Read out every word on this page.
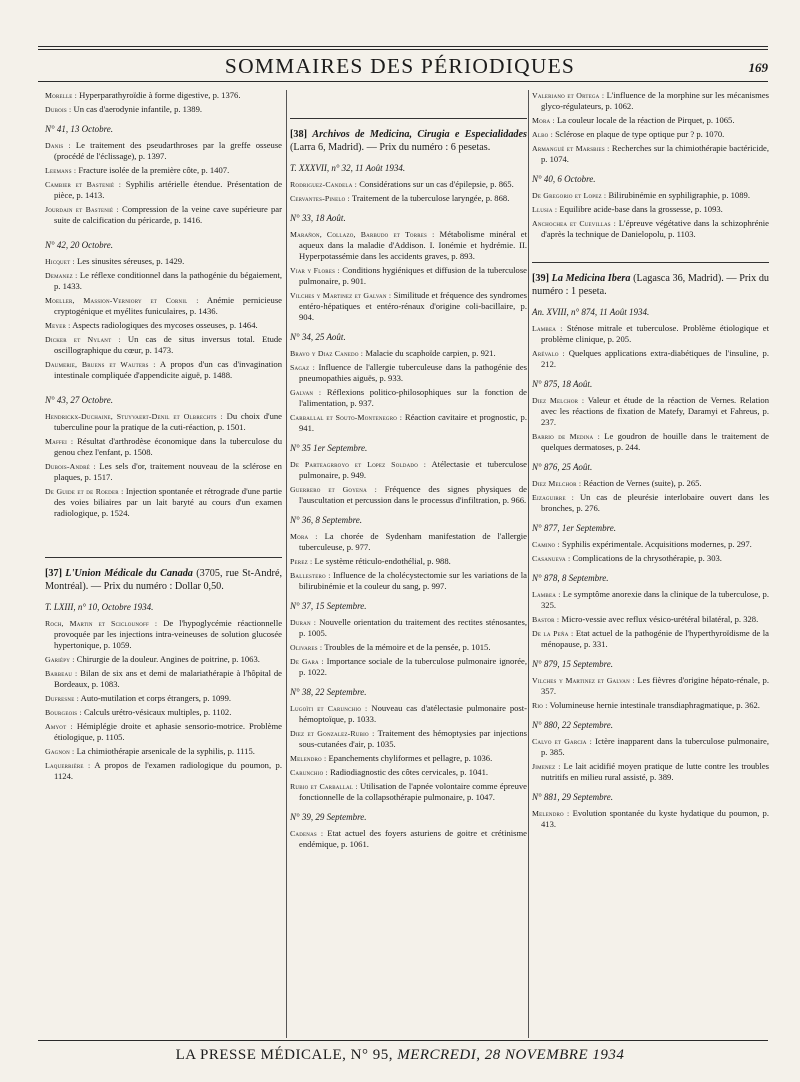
SOMMAIRES DES PÉRIODIQUES	169

Morelle : Hyperparathyroïdie à forme digestive, p. 1376.

Dubois : Un cas d'aerodynie infantile, p. 1389.

N° 41, 13 Octobre.

Danis : Le traitement des pseudarthroses par la greffe osseuse (procédé de l'éclissage), p. 1397.

Leemans : Fracture isolée de la première côte, p. 1407.

Cambier et Bastenié : Syphilis artérielle étendue. Présentation de pièce, p. 1413.

Jourdain et Bastenié : Compression de la veine cave supérieure par suite de calcification du péricarde, p. 1416.

N° 42, 20 Octobre.

Hicquet : Les sinusites séreuses, p. 1429.

Demanez : Le réflexe conditionnel dans la pathogénie du bégaiement, p. 1433.

Moeller, Massion-Verniory et Cornil : Anémie pernicieuse cryptogénique et myélites funiculaires, p. 1436.

Meyer : Aspects radiologiques des mycoses osseuses, p. 1464.

Dicker et Nylant : Un cas de situs inversus total. Etude oscillographique du cœur, p. 1473.

Daumerie, Bruens et Wauters : A propos d'un cas d'invagination intestinale compliquée d'appendicite aiguë, p. 1488.

N° 43, 27 Octobre.

Hendrickx-Duchaine, Stuyvaert-Denil et Olbrechts : Du choix d'une tuberculine pour la pratique de la cuti-réaction, p. 1501.

Maffei : Résultat d'arthrodèse économique dans la tuberculose du genou chez l'enfant, p. 1508.

Dubois-André : Les sels d'or, traitement nouveau de la sclérose en plaques, p. 1517.

De Guide et de Roeder : Injection spontanée et rétrograde d'une partie des voies biliaires par un lait baryté au cours d'un examen radiologique, p. 1524.

[37] L'Union Médicale du Canada (3705, rue St-André, Montréal). — Prix du numéro : Dollar 0,50.
T. LXIII, n° 10, Octobre 1934.

Roch, Martin et Sciclounoff : De l'hypoglycémie réactionnelle provoquée par les injections intra-veineuses de solution glucosée hypertonique, p. 1059.

Gariépy : Chirurgie de la douleur. Angines de poitrine, p. 1063.

Barbeau : Bilan de six ans et demi de malariathérapie à l'hôpital de Bordeaux, p. 1083.

Dufresne : Auto-mutilation et corps étrangers, p. 1099.

Bourgeois : Calculs urétro-vésicaux multiples, p. 1102.

Amyot : Hémiplégie droite et aphasie sensorio-motrice. Problème étiologique, p. 1105.

Gagnon : La chimiothérapie arsenicale de la syphilis, p. 1115.

Laquerrière : A propos de l'examen radiologique du poumon, p. 1124.

[38] Archivos de Medicina, Cirugia e Especialidades (Larra 6, Madrid). — Prix du numéro : 6 pesetas.
T. XXXVII, n° 32, 11 Août 1934.

Rodriguez-Candela : Considérations sur un cas d'épilepsie, p. 865.

Cervantes-Pinelo : Traitement de la tuberculose laryngée, p. 868.

N° 33, 18 Août.

Marañon, Collazo, Barbudo et Torres : Métabolisme minéral et aqueux dans la maladie d'Addison. I. Ionémie et hydrémie. II. Hyperpotassémie dans les accidents graves, p. 893.

Viar y Flores : Conditions hygiéniques et diffusion de la tuberculose pulmonaire, p. 901.

Vilches y Martinez et Galvan : Similitude et fréquence des syndromes entéro-hépatiques et entéro-rénaux d'origine coli-bacillaire, p. 904.

N° 34, 25 Août.

Bravo y Diaz Canedo : Malacie du scaphoïde carpien, p. 921.

Sagaz : Influence de l'allergie tuberculeuse dans la pathogénie des pneumopathies aiguës, p. 933.

Galvan : Réflexions politico-philosophiques sur la fonction de l'alimentation, p. 937.

Carballal et Souto-Montenegro : Réaction cavitaire et prognostic, p. 941.

N° 35 1er Septembre.

De Parteagrroyo et Lopez Soldado : Atélectasie et tuberculose pulmonaire, p. 949.

Guerrero et Goyena : Fréquence des signes physiques de l'auscultation et percussion dans le processus d'infiltration, p. 966.

N° 36, 8 Septembre.

Mora : La chorée de Sydenham manifestation de l'allergie tuberculeuse, p. 977.

Perez : Le système réticulo-endothélial, p. 988.

Ballestero : Influence de la cholécystectomie sur les variations de la bilirubinémie et la couleur du sang, p. 997.

N° 37, 15 Septembre.

Duran : Nouvelle orientation du traitement des rectites sténosantes, p. 1005.

Olivares : Troubles de la mémoire et de la pensée, p. 1015.

De Gara : Importance sociale de la tuberculose pulmonaire ignorée, p. 1022.

N° 38, 22 Septembre.

Lugoïti et Carunchio : Nouveau cas d'atélectasie pulmonaire post-hémoptoïque, p. 1033.

Diez et Gonzalez-Rubio : Traitement des hémoptysies par injections sous-cutanées d'air, p. 1035.

Melendro : Epanchements chyliformes et pellagre, p. 1036.

Carunchio : Radiodiagnostic des côtes cervicales, p. 1041.

Rubio et Carballal : Utilisation de l'apnée volontaire comme épreuve fonctionnelle de la collapsothérapie pulmonaire, p. 1047.

N° 39, 29 Septembre.

Cadenas : Etat actuel des foyers asturiens de goitre et crétinisme endémique, p. 1061.

Valeriano et Ortega : L'influence de la morphine sur les mécanismes glyco-régulateurs, p. 1062.

Mora : La couleur locale de la réaction de Pirquet, p. 1065.

Albo : Sclérose en plaque de type optique pur ? p. 1070.

Armangué et Marsbies : Recherches sur la chimiothérapie bactéricide, p. 1074.

N° 40, 6 Octobre.

De Gregorio et Lopez : Bilirubinémie en syphiligraphie, p. 1089.

Llusia : Equilibre acide-base dans la grossesse, p. 1093.

Anchochea et Cuevillas : L'épreuve végétative dans la schizophrénie d'après la technique de Danielopolu, p. 1103.

[39] La Medicina Ibera (Lagasca 36, Madrid). — Prix du numéro : 1 peseta.
An. XVIII, n° 874, 11 Août 1934.

Lambea : Sténose mitrale et tuberculose. Problème étiologique et problème clinique, p. 205.

Arévalo : Quelques applications extra-diabétiques de l'insuline, p. 212.

N° 875, 18 Août.

Diez Melchor : Valeur et étude de la réaction de Vernes. Relation avec les réactions de fixation de Matefy, Daramyi et Fahreus, p. 237.

Barrio de Medina : Le goudron de houille dans le traitement de quelques dermatoses, p. 244.

N° 876, 25 Août.

Diez Melchor : Réaction de Vernes (suite), p. 265.

Eizaguirre : Un cas de pleurésie interlobaire ouvert dans les bronches, p. 276.

N° 877, 1er Septembre.

Camino : Syphilis expérimentale. Acquisitions modernes, p. 297.

Casanueva : Complications de la chrysothérapie, p. 303.

N° 878, 8 Septembre.

Lambea : Le symptôme anorexie dans la clinique de la tuberculose, p. 325.

Bastor : Micro-vessie avec reflux vésico-urétéral bilatéral, p. 328.

De la Peña : Etat actuel de la pathogénie de l'hyperthyroïdisme de la ménopause, p. 331.

N° 879, 15 Septembre.

Vilches y Martinez et Galvan : Les fièvres d'origine hépato-rénale, p. 357.

Rio : Volumineuse hernie intestinale transdiaphragmatique, p. 362.

N° 880, 22 Septembre.

Calvo et Garcia : Ictère inapparent dans la tuberculose pulmonaire, p. 385.

Jimenez : Le lait acidifié moyen pratique de lutte contre les troubles nutritifs en milieu rural assisté, p. 389.

N° 881, 29 Septembre.

Melendro : Evolution spontanée du kyste hydatique du poumon, p. 413.

LA PRESSE MÉDICALE, N° 95, MERCREDI, 28 NOVEMBRE 1934
